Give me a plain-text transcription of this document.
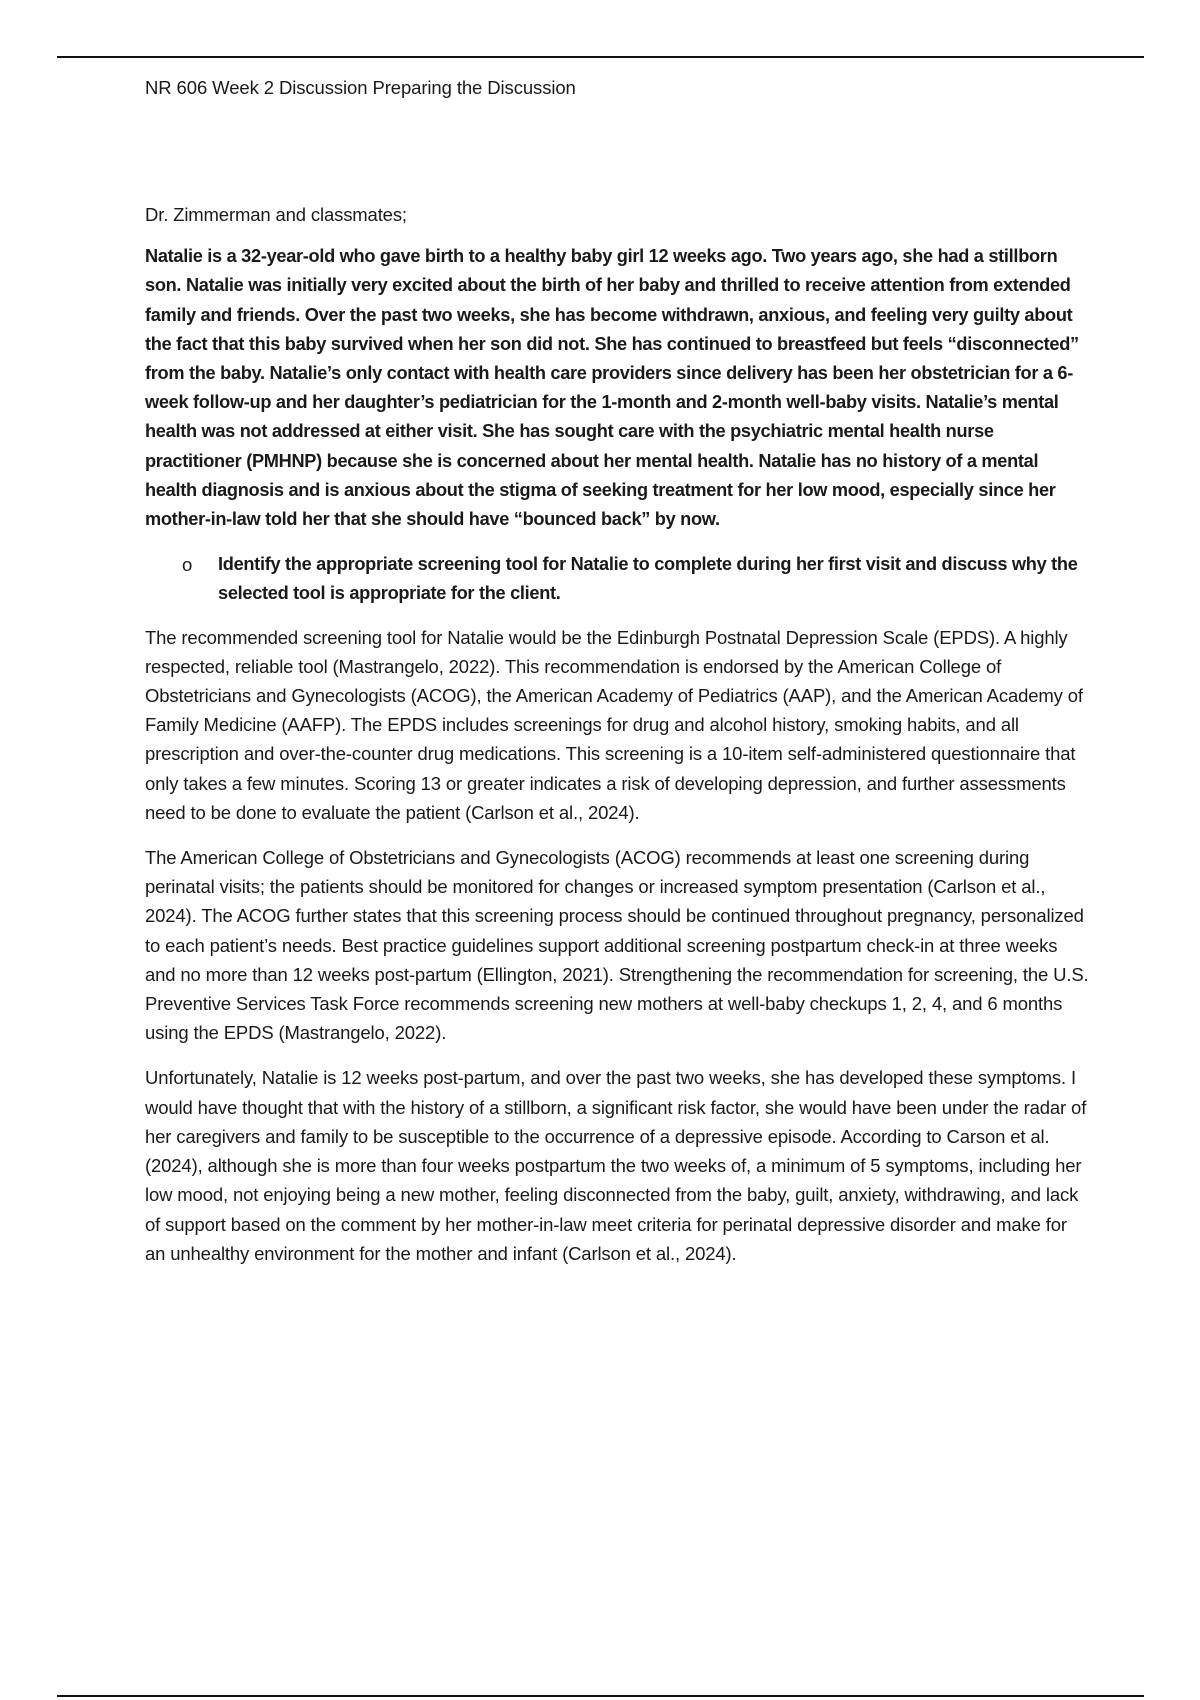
NR 606 Week 2 Discussion Preparing the Discussion

Dr. Zimmerman and classmates;

Natalie is a 32-year-old who gave birth to a healthy baby girl 12 weeks ago. Two years ago, she had a stillborn son. Natalie was initially very excited about the birth of her baby and thrilled to receive attention from extended family and friends. Over the past two weeks, she has become withdrawn, anxious, and feeling very guilty about the fact that this baby survived when her son did not. She has continued to breastfeed but feels “disconnected” from the baby. Natalie’s only contact with health care providers since delivery has been her obstetrician for a 6-week follow-up and her daughter’s pediatrician for the 1-month and 2-month well-baby visits. Natalie’s mental health was not addressed at either visit. She has sought care with the psychiatric mental health nurse practitioner (PMHNP) because she is concerned about her mental health. Natalie has no history of a mental health diagnosis and is anxious about the stigma of seeking treatment for her low mood, especially since her mother-in-law told her that she should have “bounced back” by now.

o	Identify the appropriate screening tool for Natalie to complete during her first visit and discuss why the selected tool is appropriate for the client.

The recommended screening tool for Natalie would be the Edinburgh Postnatal Depression Scale (EPDS). A highly respected, reliable tool (Mastrangelo, 2022). This recommendation is endorsed by the American College of Obstetricians and Gynecologists (ACOG), the American Academy of Pediatrics (AAP), and the American Academy of Family Medicine (AAFP). The EPDS includes screenings for drug and alcohol history, smoking habits, and all prescription and over-the-counter drug medications. This screening is a 10-item self-administered questionnaire that only takes a few minutes. Scoring 13 or greater indicates a risk of developing depression, and further assessments need to be done to evaluate the patient (Carlson et al., 2024).

The American College of Obstetricians and Gynecologists (ACOG) recommends at least one screening during perinatal visits; the patients should be monitored for changes or increased symptom presentation (Carlson et al., 2024). The ACOG further states that this screening process should be continued throughout pregnancy, personalized to each patient’s needs. Best practice guidelines support additional screening postpartum check-in at three weeks and no more than 12 weeks post-partum (Ellington, 2021). Strengthening the recommendation for screening, the U.S. Preventive Services Task Force recommends screening new mothers at well-baby checkups 1, 2, 4, and 6 months using the EPDS (Mastrangelo, 2022).

Unfortunately, Natalie is 12 weeks post-partum, and over the past two weeks, she has developed these symptoms. I would have thought that with the history of a stillborn, a significant risk factor, she would have been under the radar of her caregivers and family to be susceptible to the occurrence of a depressive episode. According to Carson et al. (2024), although she is more than four weeks postpartum the two weeks of, a minimum of 5 symptoms, including her low mood, not enjoying being a new mother, feeling disconnected from the baby, guilt, anxiety, withdrawing, and lack of support based on the comment by her mother-in-law meet criteria for perinatal depressive disorder and make for an unhealthy environment for the mother and infant (Carlson et al., 2024).
